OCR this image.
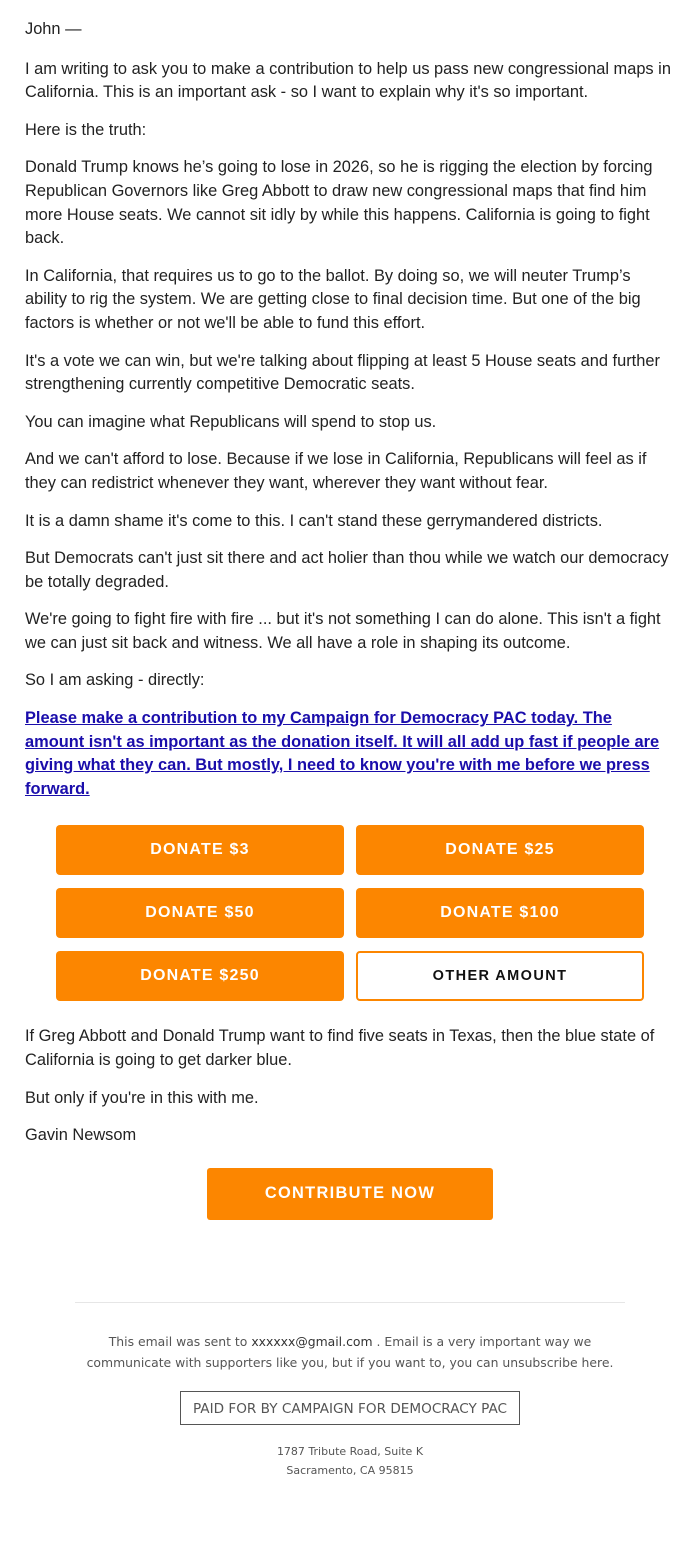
John —

I am writing to ask you to make a contribution to help us pass new congressional maps in California. This is an important ask - so I want to explain why it's so important.

Here is the truth:

Donald Trump knows he’s going to lose in 2026, so he is rigging the election by forcing Republican Governors like Greg Abbott to draw new congressional maps that find him more House seats. We cannot sit idly by while this happens. California is going to fight back.

In California, that requires us to go to the ballot. By doing so, we will neuter Trump’s ability to rig the system. We are getting close to final decision time. But one of the big factors is whether or not we'll be able to fund this effort.

It's a vote we can win, but we're talking about flipping at least 5 House seats and further strengthening currently competitive Democratic seats.

You can imagine what Republicans will spend to stop us.

And we can't afford to lose. Because if we lose in California, Republicans will feel as if they can redistrict whenever they want, wherever they want without fear.

It is a damn shame it's come to this. I can't stand these gerrymandered districts.

But Democrats can't just sit there and act holier than thou while we watch our democracy be totally degraded.

We're going to fight fire with fire ... but it's not something I can do alone. This isn't a fight we can just sit back and witness. We all have a role in shaping its outcome.

So I am asking - directly:

Please make a contribution to my Campaign for Democracy PAC today. The amount isn't as important as the donation itself. It will all add up fast if people are giving what they can. But mostly, I need to know you're with me before we press forward.
DONATE $3	DONATE $25
DONATE $50	DONATE $100
DONATE $250	OTHER AMOUNT

If Greg Abbott and Donald Trump want to find five seats in Texas, then the blue state of California is going to get darker blue.

But only if you're in this with me.

Gavin Newsom

CONTRIBUTE NOW
This email was sent to xxxxxx@gmail.com . Email is a very important way we communicate with supporters like you, but if you want to, you can unsubscribe here.
PAID FOR BY CAMPAIGN FOR DEMOCRACY PAC
1787 Tribute Road, Suite K
Sacramento, CA 95815
